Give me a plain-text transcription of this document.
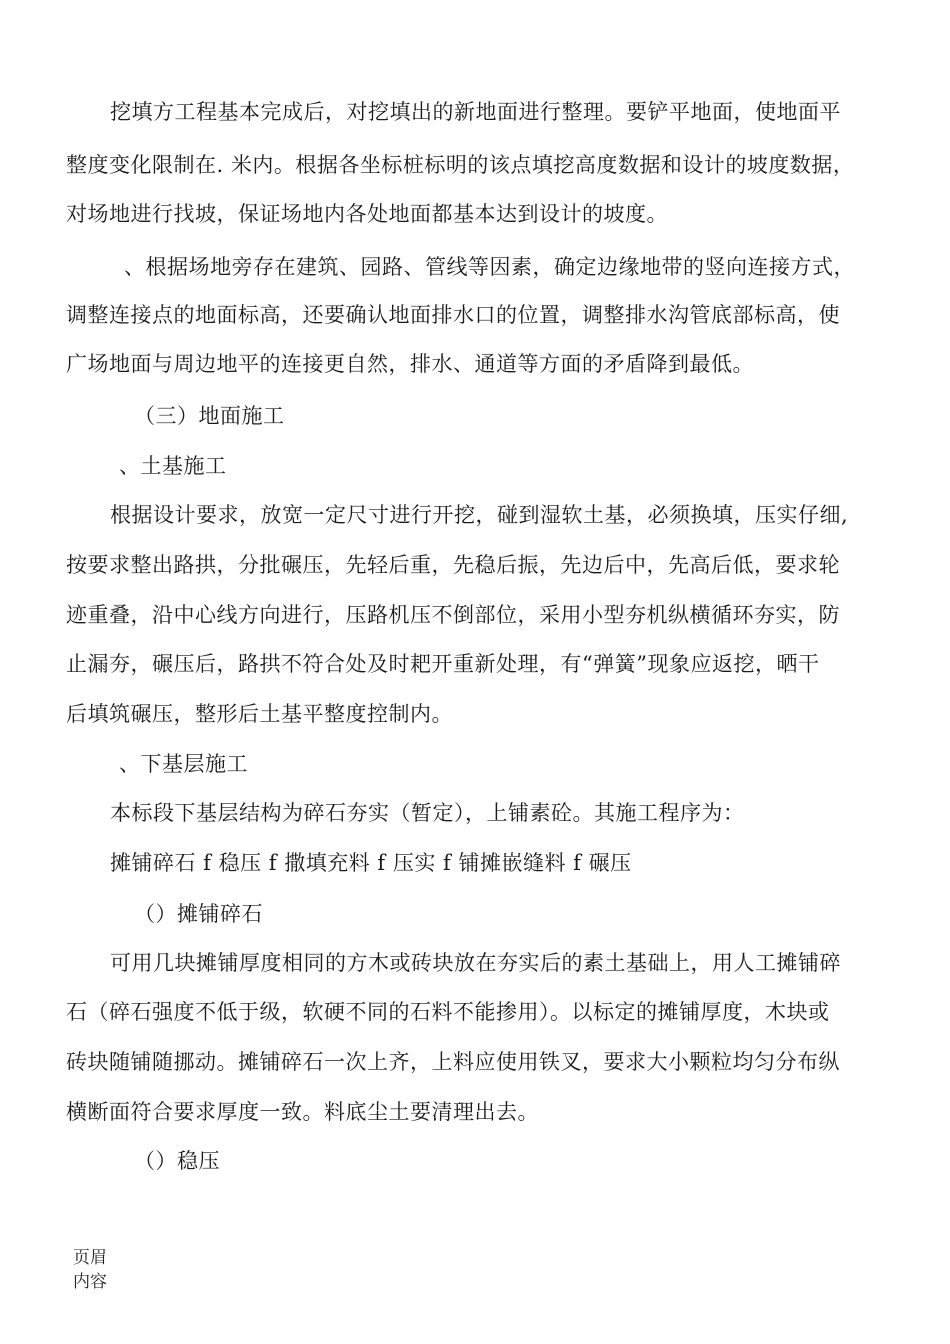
挖填方工程基本完成后，对挖填出的新地面进行整理。要铲平地面，使地面平
整度变化限制在. 米内。根据各坐标桩标明的该点填挖高度数据和设计的坡度数据，
对场地进行找坡，保证场地内各处地面都基本达到设计的坡度。
、根据场地旁存在建筑、园路、管线等因素，确定边缘地带的竖向连接方式，
调整连接点的地面标高，还要确认地面排水口的位置，调整排水沟管底部标高，使
广场地面与周边地平的连接更自然，排水、通道等方面的矛盾降到最低。
（三）地面施工
、土基施工
根据设计要求，放宽一定尺寸进行开挖，碰到湿软土基，必须换填，压实仔细,
按要求整出路拱，分批碾压，先轻后重，先稳后振，先边后中，先高后低，要求轮
迹重叠，沿中心线方向进行，压路机压不倒部位，采用小型夯机纵横循环夯实，防
止漏夯，碾压后，路拱不符合处及时耙开重新处理，有“弹簧”现象应返挖，晒干
后填筑碾压，整形后土基平整度控制内。
、下基层施工
本标段下基层结构为碎石夯实（暂定），上铺素砼。其施工程序为：
摊铺碎石 f 稳压 f 撒填充料 f 压实 f 铺摊嵌缝料 f 碾压
（）摊铺碎石
可用几块摊铺厚度相同的方木或砖块放在夯实后的素土基础上，用人工摊铺碎
石（碎石强度不低于级，软硬不同的石料不能掺用）。以标定的摊铺厚度，木块或
砖块随铺随挪动。摊铺碎石一次上齐，上料应使用铁叉，要求大小颗粒均匀分布纵
横断面符合要求厚度一致。料底尘土要清理出去。
（）稳压
页眉
内容
